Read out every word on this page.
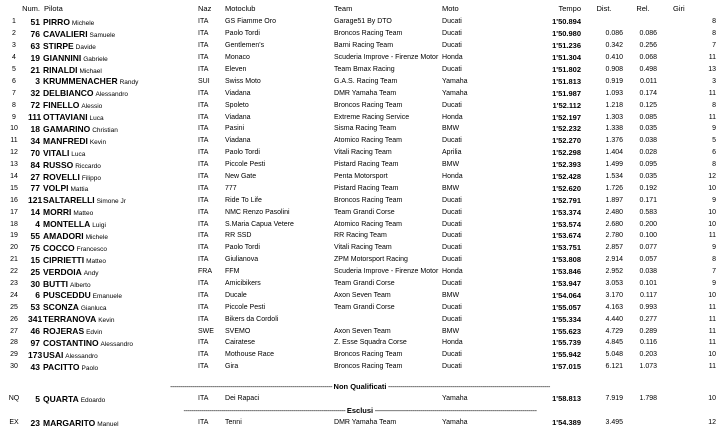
Num.		Pilota	Naz	Motoclub	Team	Moto	Tempo	Dist.	Rel.	Giri
1	51	PIRRO Michele	ITA	GS Fiamme Oro	Garage51 By DTO	Ducati	1'50.894			8
2	76	CAVALIERI Samuele	ITA	Paolo Tordi	Broncos Racing Team	Ducati	1'50.980	0.086	0.086	8
3	63	STIRPE Davide	ITA	Gentlemen's	Barni Racing Team	Ducati	1'51.236	0.342	0.256	7
4	19	GIANNINI Gabriele	ITA	Monaco	Scuderia Improve - Firenze Motor	Honda	1'51.304	0.410	0.068	11
5	21	RINALDI Michael	ITA	Eleven	Team Bmax Racing	Ducati	1'51.802	0.908	0.498	13
6	3	KRUMMENACHER Randy	SUI	Swiss Moto	G.A.S. Racing Team	Yamaha	1'51.813	0.919	0.011	3
7	32	DELBIANCO Alessandro	ITA	Viadana	DMR Yamaha Team	Yamaha	1'51.987	1.093	0.174	11
8	72	FINELLO Alessio	ITA	Spoleto	Broncos Racing Team	Ducati	1'52.112	1.218	0.125	8
9	111	OTTAVIANI Luca	ITA	Viadana	Extreme Racing Service	Honda	1'52.197	1.303	0.085	11
10	18	GAMARINO Christian	ITA	Pasini	Sisma Racing Team	BMW	1'52.232	1.338	0.035	9
11	34	MANFREDI Kevin	ITA	Viadana	Atomico Racing Team	Ducati	1'52.270	1.376	0.038	5
12	70	VITALI Luca	ITA	Paolo Tordi	Vitali Racing Team	Aprilia	1'52.298	1.404	0.028	6
13	84	RUSSO Riccardo	ITA	Piccole Pesti	Pistard Racing Team	BMW	1'52.393	1.499	0.095	8
14	27	ROVELLI Filippo	ITA	New Gate	Penta Motorsport	Honda	1'52.428	1.534	0.035	12
15	77	VOLPI Mattia	ITA	777	Pistard Racing Team	BMW	1'52.620	1.726	0.192	10
16	121	SALTARELLI Simone Jr	ITA	Ride To Life	Broncos Racing Team	Ducati	1'52.791	1.897	0.171	9
17	14	MORRI Matteo	ITA	NMC Renzo Pasolini	Team Grandi Corse	Ducati	1'53.374	2.480	0.583	10
18	4	MONTELLA Luigi	ITA	S.Maria Capua Vetere	Atomico Racing Team	Ducati	1'53.574	2.680	0.200	10
19	55	AMADORI Michele	ITA	RR SSD	RR Racing Team	Ducati	1'53.674	2.780	0.100	11
20	75	COCCO Francesco	ITA	Paolo Tordi	Vitali Racing Team	Ducati	1'53.751	2.857	0.077	9
21	15	CIPRIETTI Matteo	ITA	Giulianova	ZPM Motorsport Racing	Ducati	1'53.808	2.914	0.057	8
22	25	VERDOIA Andy	FRA	FFM	Scuderia Improve - Firenze Motor	Honda	1'53.846	2.952	0.038	7
23	30	BUTTI Alberto	ITA	Amicibikers	Team Grandi Corse	Ducati	1'53.947	3.053	0.101	9
24	6	PUSCEDDU Emanuele	ITA	Ducale	Axon Seven Team	BMW	1'54.064	3.170	0.117	10
25	53	SCONZA Gianluca	ITA	Piccole Pesti	Team Grandi Corse	Ducati	1'55.057	4.163	0.993	11
26	341	TERRANOVA Kevin	ITA	Bikers da Cordoli		Ducati	1'55.334	4.440	0.277	11
27	46	ROJERAS Edvin	SWE	SVEMO	Axon Seven Team	BMW	1'55.623	4.729	0.289	11
28	97	COSTANTINO Alessandro	ITA	Cairatese	Z. Esse Squadra Corse	Honda	1'55.739	4.845	0.116	11
29	173	USAI Alessandro	ITA	Mothouse Race	Broncos Racing Team	Ducati	1'55.942	5.048	0.203	10
30	43	PACITTO Paolo	ITA	Gira	Broncos Racing Team	Ducati	1'57.015	6.121	1.073	11

--------------------------------------------------------------------------------- Non Qualificati ---------------------------------------------------------------------------------										
NQ	5	QUARTA Edoardo	ITA	Dei Rapaci		Yamaha	1'58.813	7.919	1.798	10
--------------------------------------------------------------------------------- Esclusi ---------------------------------------------------------------------------------										
EX	23	MARGARITO Manuel	ITA	Tenni	DMR Yamaha Team	Yamaha	1'54.389	3.495		12
